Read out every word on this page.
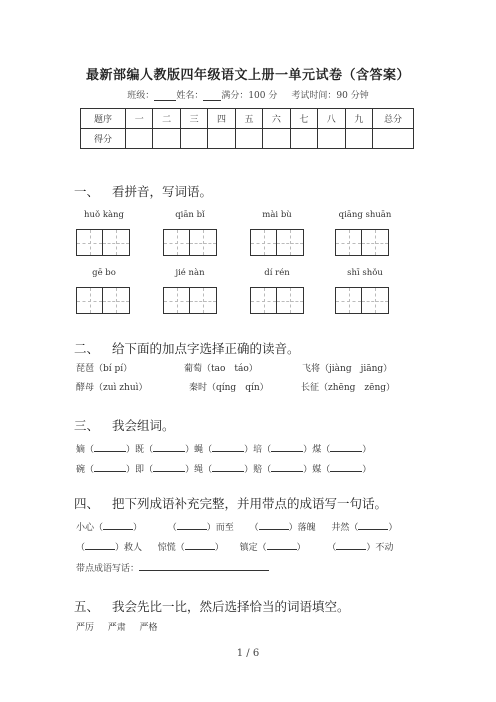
最新部编人教版四年级语文上册一单元试卷（含答案）
班级： 姓名： 满分：100 分 考试时间：90 分钟
题序	一	二	三	四	五	六	七	八	九	总分
得分										
一、 看拼音，写词语。
huǒ kàng	qiān bǐ	mài bù	qiāng shuān
gē bo	jié nàn	dí rén	shī shǒu
二、 给下面的加点字选择正确的读音。
琵琶（bí pí）	葡萄（tao　táo）	飞将（jiàng　jiāng）
酵母（zuì zhuì）	秦时（qíng　qín）	长征（zhēng　zēng）
三、 我会组词。
嫡（	）既（	）蝇（	）培（	）煤（	）
碗（	）即（	）绳（	）赔（	）媒（	）
四、 把下列成语补充完整，并用带点的成语写一句话。
小心（	）	（	）而至 （	）落魄 井然（	）
（	）救人 惊慌（	） 镇定（	） （	）不动
带点成语写话：
五、 我会先比一比，然后选择恰当的词语填空。
严厉 严肃 严格
1 / 6
